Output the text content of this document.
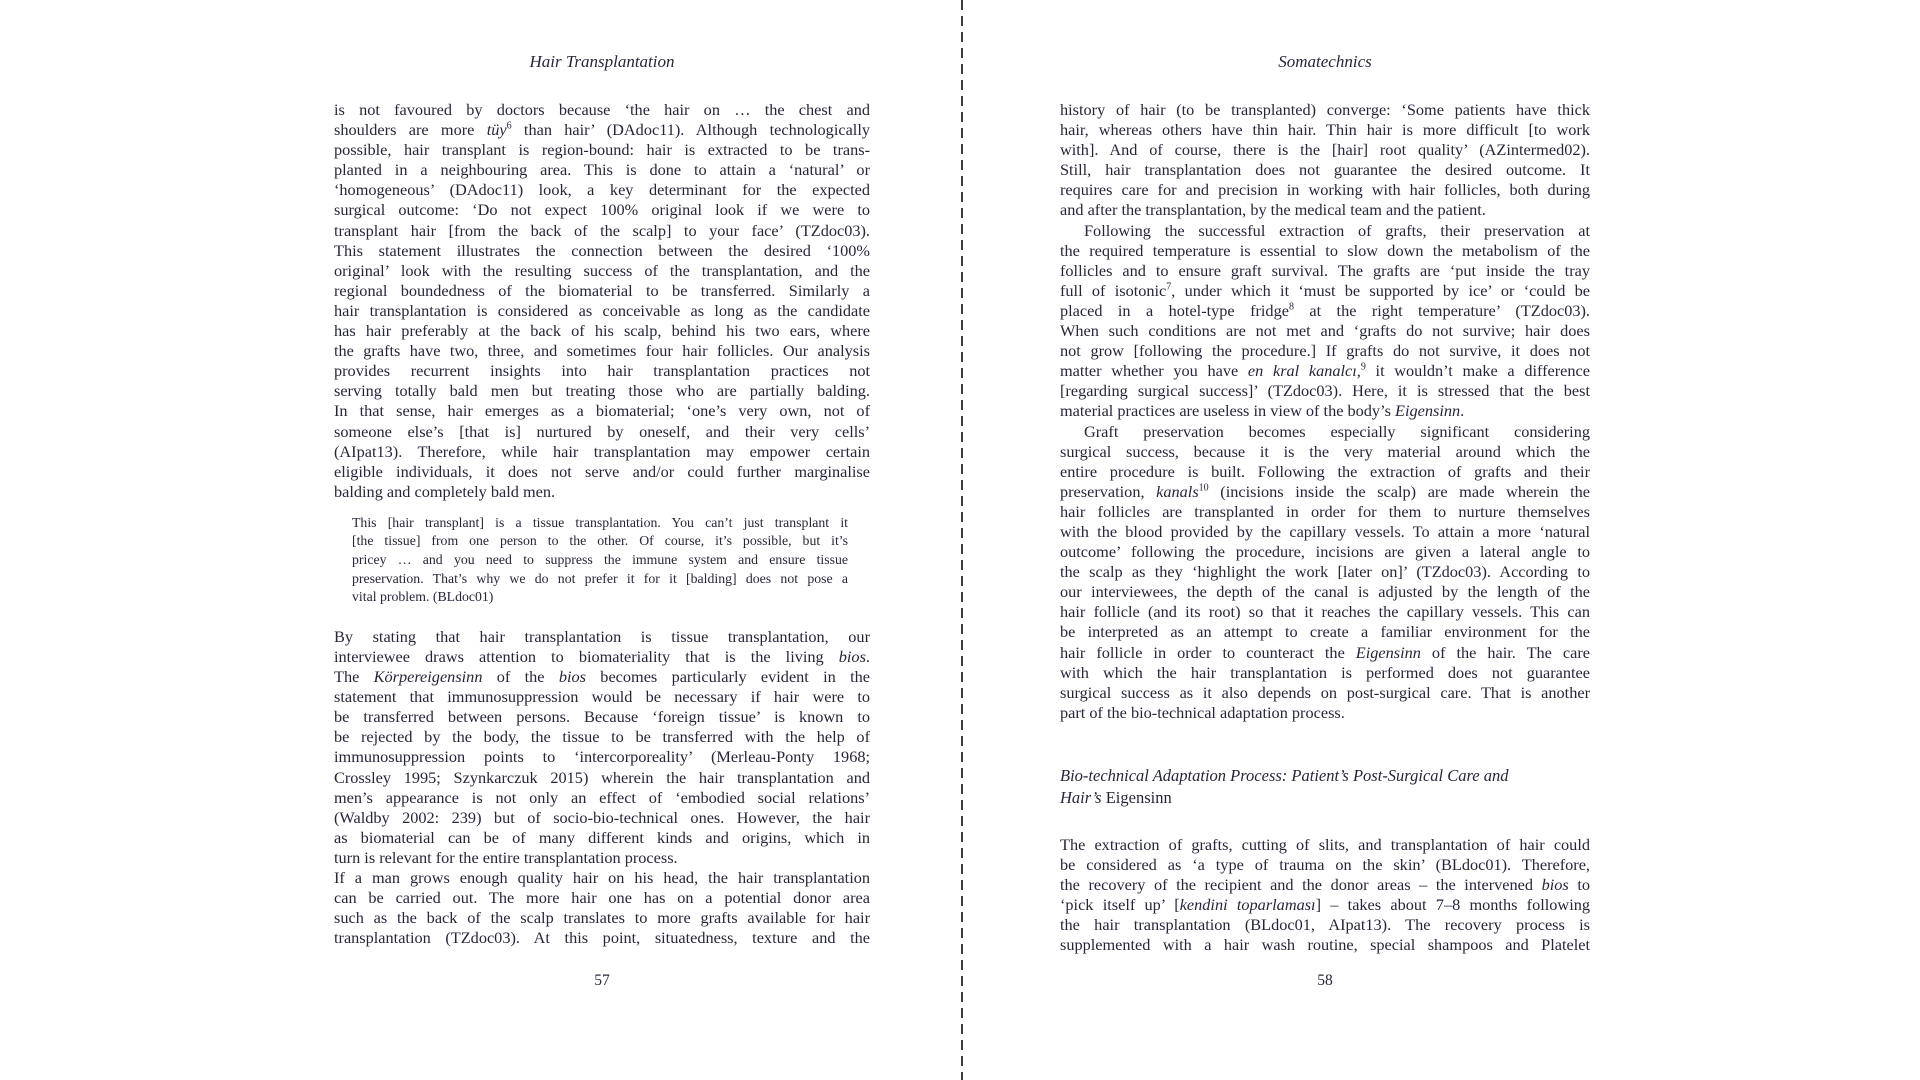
Hair Transplantation
is not favoured by doctors because ‘the hair on … the chest and
shoulders are more tüy$^6$ than hair’ (DAdoc11). Although technologically
possible, hair transplant is region-bound: hair is extracted to be trans-
planted in a neighbouring area. This is done to attain a ‘natural’ or
‘homogeneous’ (DAdoc11) look, a key determinant for the expected
surgical outcome: ‘Do not expect 100% original look if we were to
transplant hair [from the back of the scalp] to your face’ (TZdoc03).
This statement illustrates the connection between the desired ‘100%
original’ look with the resulting success of the transplantation, and the
regional boundedness of the biomaterial to be transferred. Similarly a
hair transplantation is considered as conceivable as long as the candidate
has hair preferably at the back of his scalp, behind his two ears, where
the grafts have two, three, and sometimes four hair follicles. Our analysis
provides recurrent insights into hair transplantation practices not
serving totally bald men but treating those who are partially balding.
In that sense, hair emerges as a biomaterial; ‘one’s very own, not of
someone else’s [that is] nurtured by oneself, and their very cells’
(AIpat13). Therefore, while hair transplantation may empower certain
eligible individuals, it does not serve and/or could further marginalise
balding and completely bald men.
This [hair transplant] is a tissue transplantation. You can’t just transplant it
[the tissue] from one person to the other. Of course, it’s possible, but it’s
pricey … and you need to suppress the immune system and ensure tissue
preservation. That’s why we do not prefer it for it [balding] does not pose a
vital problem. (BLdoc01)
By stating that hair transplantation is tissue transplantation, our
interviewee draws attention to biomateriality that is the living bios.
The Körpereigensinn of the bios becomes particularly evident in the
statement that immunosuppression would be necessary if hair were to
be transferred between persons. Because ‘foreign tissue’ is known to
be rejected by the body, the tissue to be transferred with the help of
immunosuppression points to ‘intercorporeality’ (Merleau-Ponty 1968;
Crossley 1995; Szynkarczuk 2015) wherein the hair transplantation and
men’s appearance is not only an effect of ‘embodied social relations’
(Waldby 2002: 239) but of socio-bio-technical ones. However, the hair
as biomaterial can be of many different kinds and origins, which in
turn is relevant for the entire transplantation process.
If a man grows enough quality hair on his head, the hair transplantation
can be carried out. The more hair one has on a potential donor area
such as the back of the scalp translates to more grafts available for hair
transplantation (TZdoc03). At this point, situatedness, texture and the
57
Somatechnics
history of hair (to be transplanted) converge: ‘Some patients have thick
hair, whereas others have thin hair. Thin hair is more difficult [to work
with]. And of course, there is the [hair] root quality’ (AZintermed02).
Still, hair transplantation does not guarantee the desired outcome. It
requires care for and precision in working with hair follicles, both during
and after the transplantation, by the medical team and the patient.
Following the successful extraction of grafts, their preservation at
the required temperature is essential to slow down the metabolism of the
follicles and to ensure graft survival. The grafts are ‘put inside the tray
full of isotonic$^7$, under which it ‘must be supported by ice’ or ‘could be
placed in a hotel-type fridge$^8$ at the right temperature’ (TZdoc03).
When such conditions are not met and ‘grafts do not survive; hair does
not grow [following the procedure.] If grafts do not survive, it does not
matter whether you have en kral kanalcı,$^9$ it wouldn’t make a difference
[regarding surgical success]’ (TZdoc03). Here, it is stressed that the best
material practices are useless in view of the body’s Eigensinn.
Graft preservation becomes especially significant considering
surgical success, because it is the very material around which the
entire procedure is built. Following the extraction of grafts and their
preservation, kanals$^{10}$ (incisions inside the scalp) are made wherein the
hair follicles are transplanted in order for them to nurture themselves
with the blood provided by the capillary vessels. To attain a more ‘natural
outcome’ following the procedure, incisions are given a lateral angle to
the scalp as they ‘highlight the work [later on]’ (TZdoc03). According to
our interviewees, the depth of the canal is adjusted by the length of the
hair follicle (and its root) so that it reaches the capillary vessels. This can
be interpreted as an attempt to create a familiar environment for the
hair follicle in order to counteract the Eigensinn of the hair. The care
with which the hair transplantation is performed does not guarantee
surgical success as it also depends on post-surgical care. That is another
part of the bio-technical adaptation process.
Bio-technical Adaptation Process: Patient’s Post-Surgical Care and
Hair’s Eigensinn
The extraction of grafts, cutting of slits, and transplantation of hair could
be considered as ‘a type of trauma on the skin’ (BLdoc01). Therefore,
the recovery of the recipient and the donor areas – the intervened bios to
‘pick itself up’ [kendini toparlaması] – takes about 7–8 months following
the hair transplantation (BLdoc01, AIpat13). The recovery process is
supplemented with a hair wash routine, special shampoos and Platelet
58
